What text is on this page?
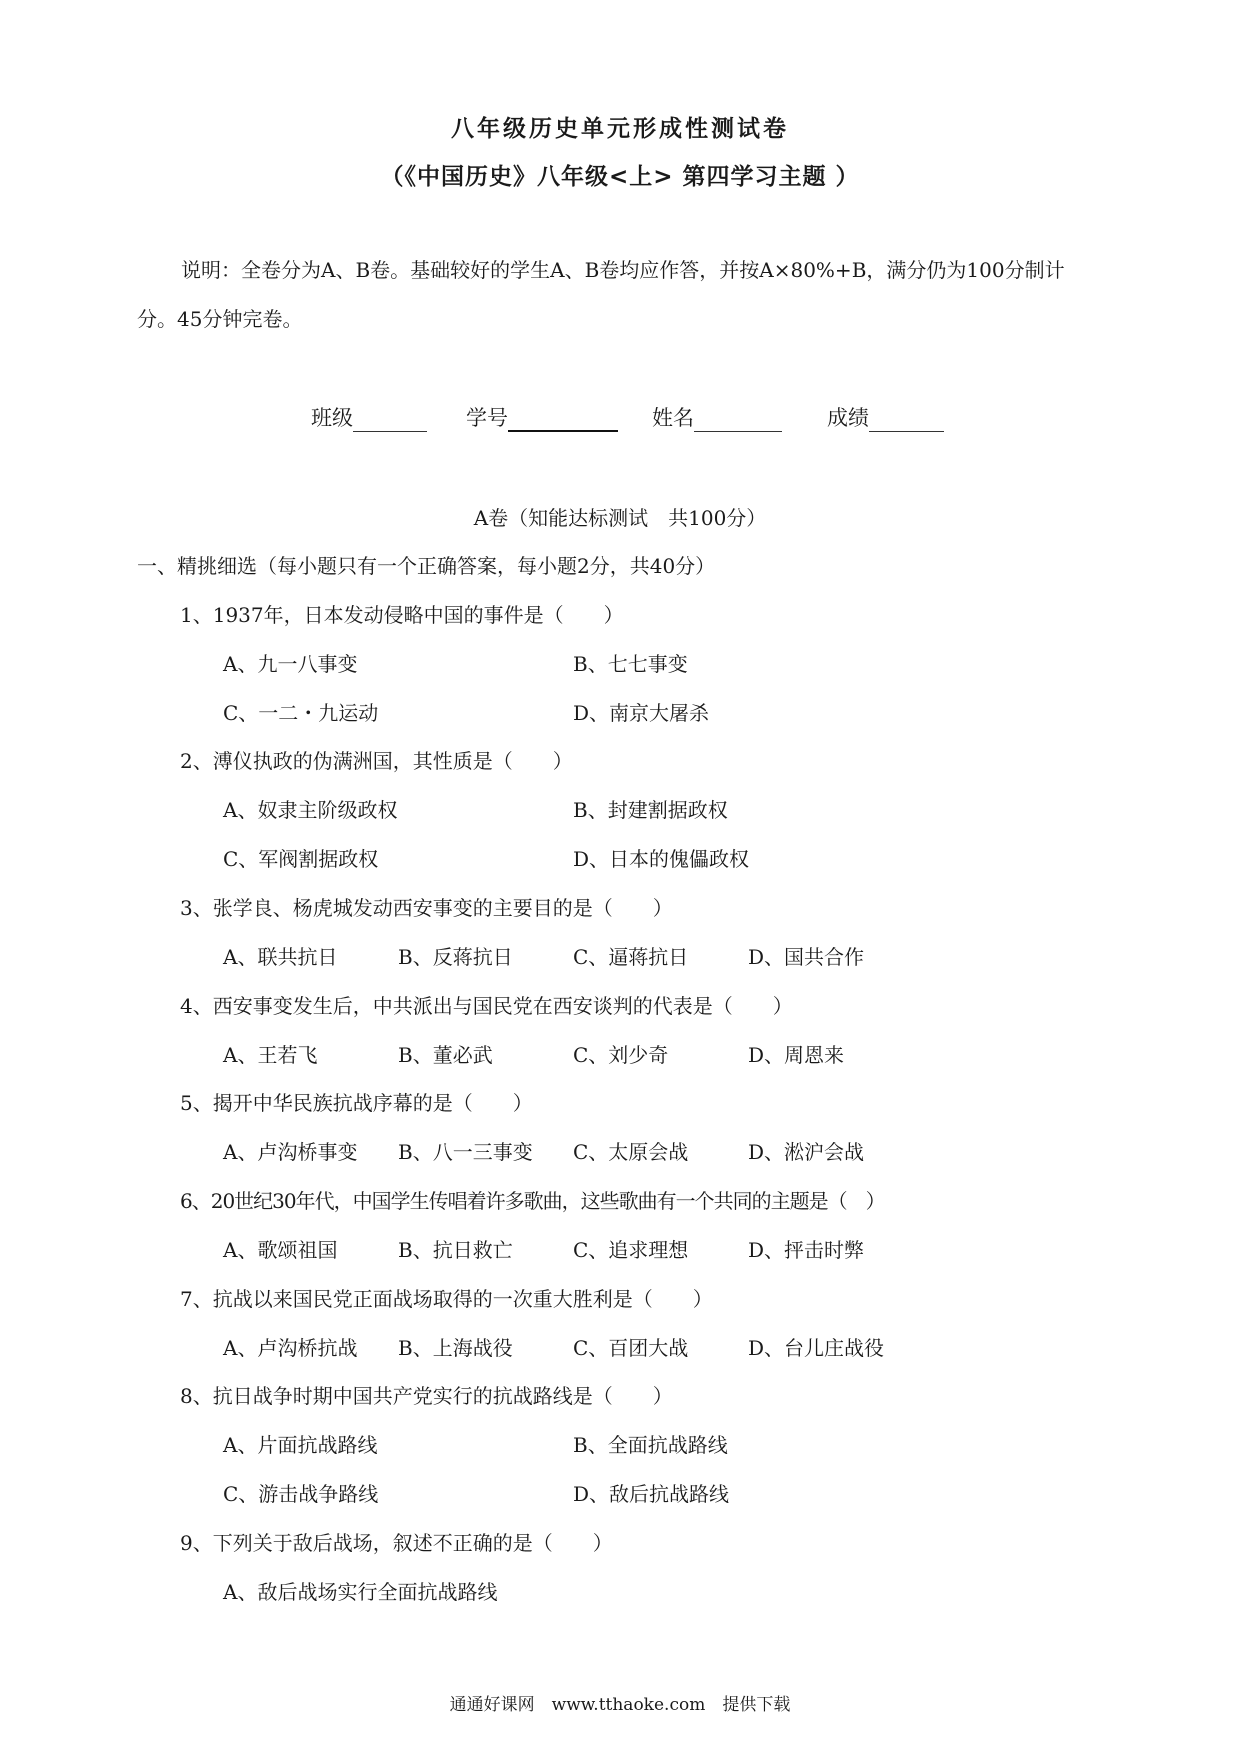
八年级历史单元形成性测试卷
（《中国历史》八年级<上> 第四学习主题 ）
说明：全卷分为A、B卷。基础较好的学生A、B卷均应作答，并按A×80%+B，满分仍为100分制计
分。45分钟完卷。
班级	学号	姓名	成绩
A卷（知能达标测试　共100分）
一、精挑细选（每小题只有一个正确答案，每小题2分，共40分）
1、1937年，日本发动侵略中国的事件是（　　）
A、九一八事变	B、七七事变
C、一二・九运动	D、南京大屠杀
2、溥仪执政的伪满洲国，其性质是（　　）
A、奴隶主阶级政权	B、封建割据政权
C、军阀割据政权	D、日本的傀儡政权
3、张学良、杨虎城发动西安事变的主要目的是（　　）
A、联共抗日	B、反蒋抗日	C、逼蒋抗日	D、国共合作
4、西安事变发生后，中共派出与国民党在西安谈判的代表是（　　）
A、王若飞	B、董必武	C、刘少奇	D、周恩来
5、揭开中华民族抗战序幕的是（　　）
A、卢沟桥事变 B、八一三事变 C、太原会战	D、淞沪会战
6、20世纪30年代，中国学生传唱着许多歌曲，这些歌曲有一个共同的主题是（　）
A、歌颂祖国	B、抗日救亡	C、追求理想	D、抨击时弊
7、抗战以来国民党正面战场取得的一次重大胜利是（　　）
A、卢沟桥抗战 B、上海战役	C、百团大战	D、台儿庄战役
8、抗日战争时期中国共产党实行的抗战路线是（　　）
A、片面抗战路线	B、全面抗战路线
C、游击战争路线	D、敌后抗战路线
9、下列关于敌后战场，叙述不正确的是（　　）
A、敌后战场实行全面抗战路线
通通好课网　www.tthaoke.com　提供下载
